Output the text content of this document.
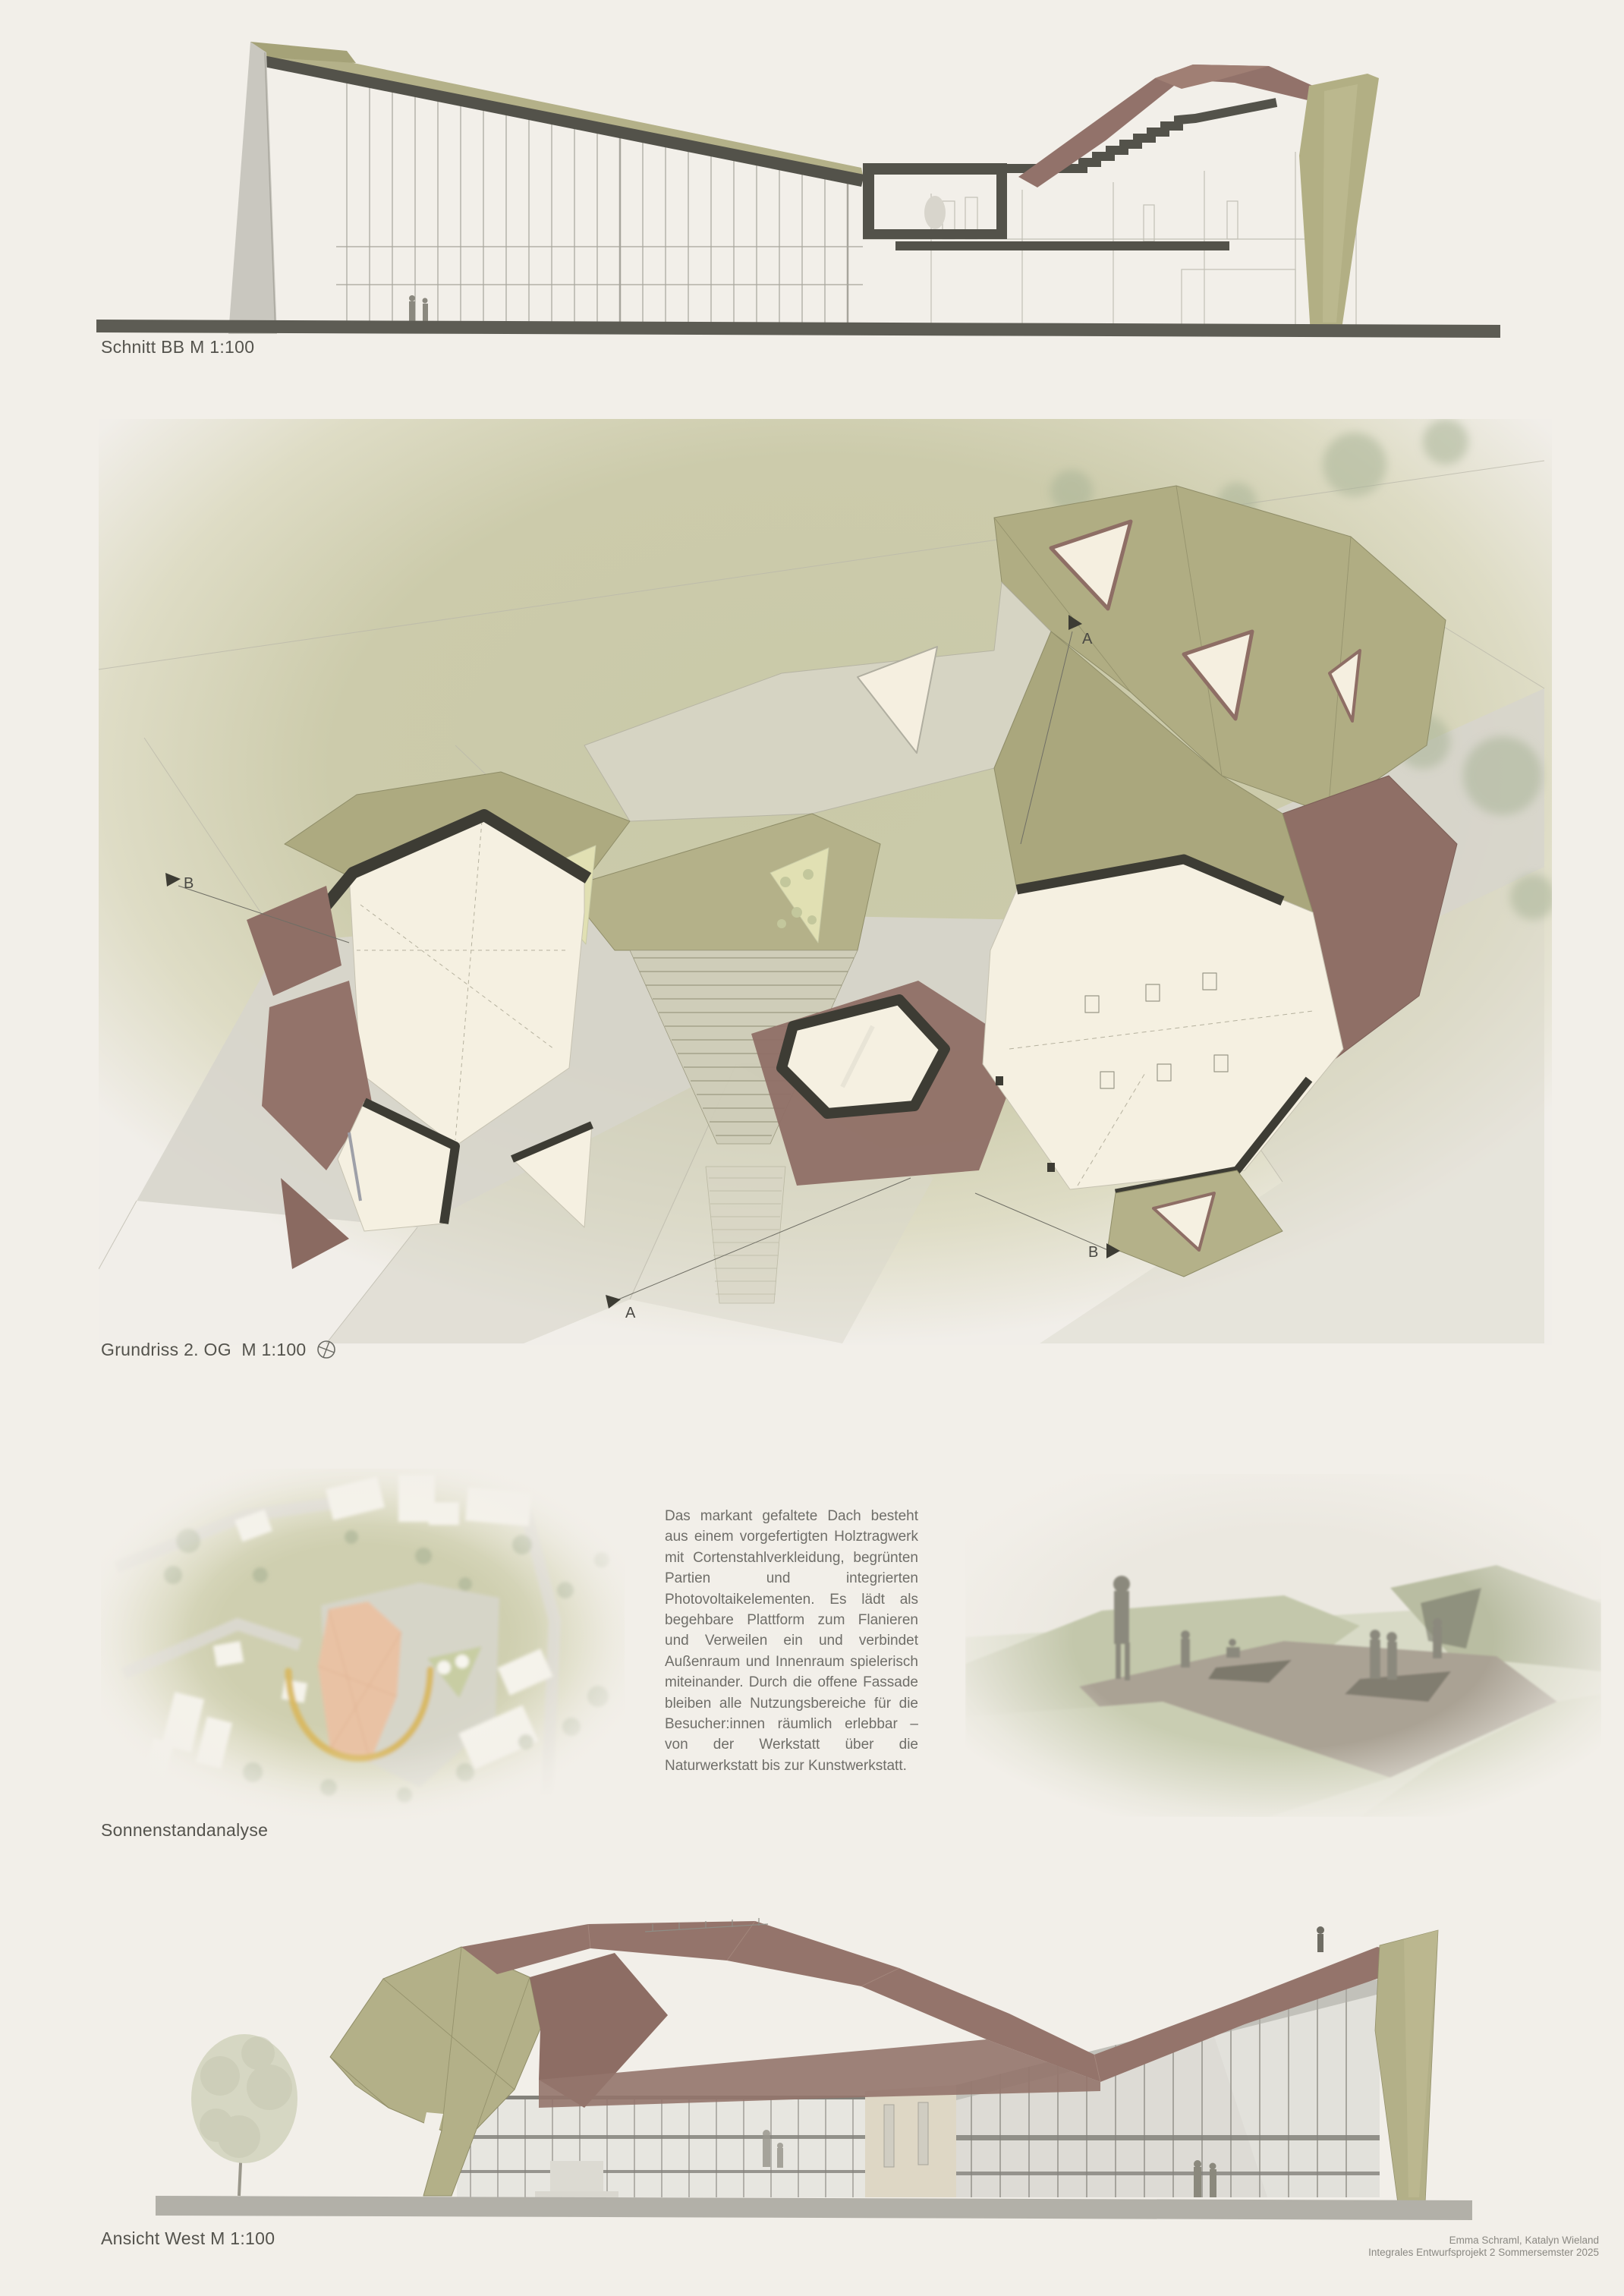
Schnitt BB M 1:100
B
A
A
B
Grundriss 2. OG  M 1:100
Sonnenstandanalyse
Das markant gefaltete Dach besteht aus einem vorgefertigten Holztragwerk mit Cortenstahlverkleidung, begrünten Partien und integrierten Photovoltaikelementen. Es lädt als begehbare Plattform zum Flanieren und Verweilen ein und verbindet Außenraum und Innenraum spielerisch miteinander. Durch die offene Fassade bleiben alle Nutzungsbereiche für die Besucher:innen räumlich erlebbar – von der Werkstatt über die Naturwerkstatt bis zur Kunstwerkstatt.
Ansicht West M 1:100	Emma Schraml, Katalyn Wieland
Integrales Entwurfsprojekt 2 Sommersemster 2025
